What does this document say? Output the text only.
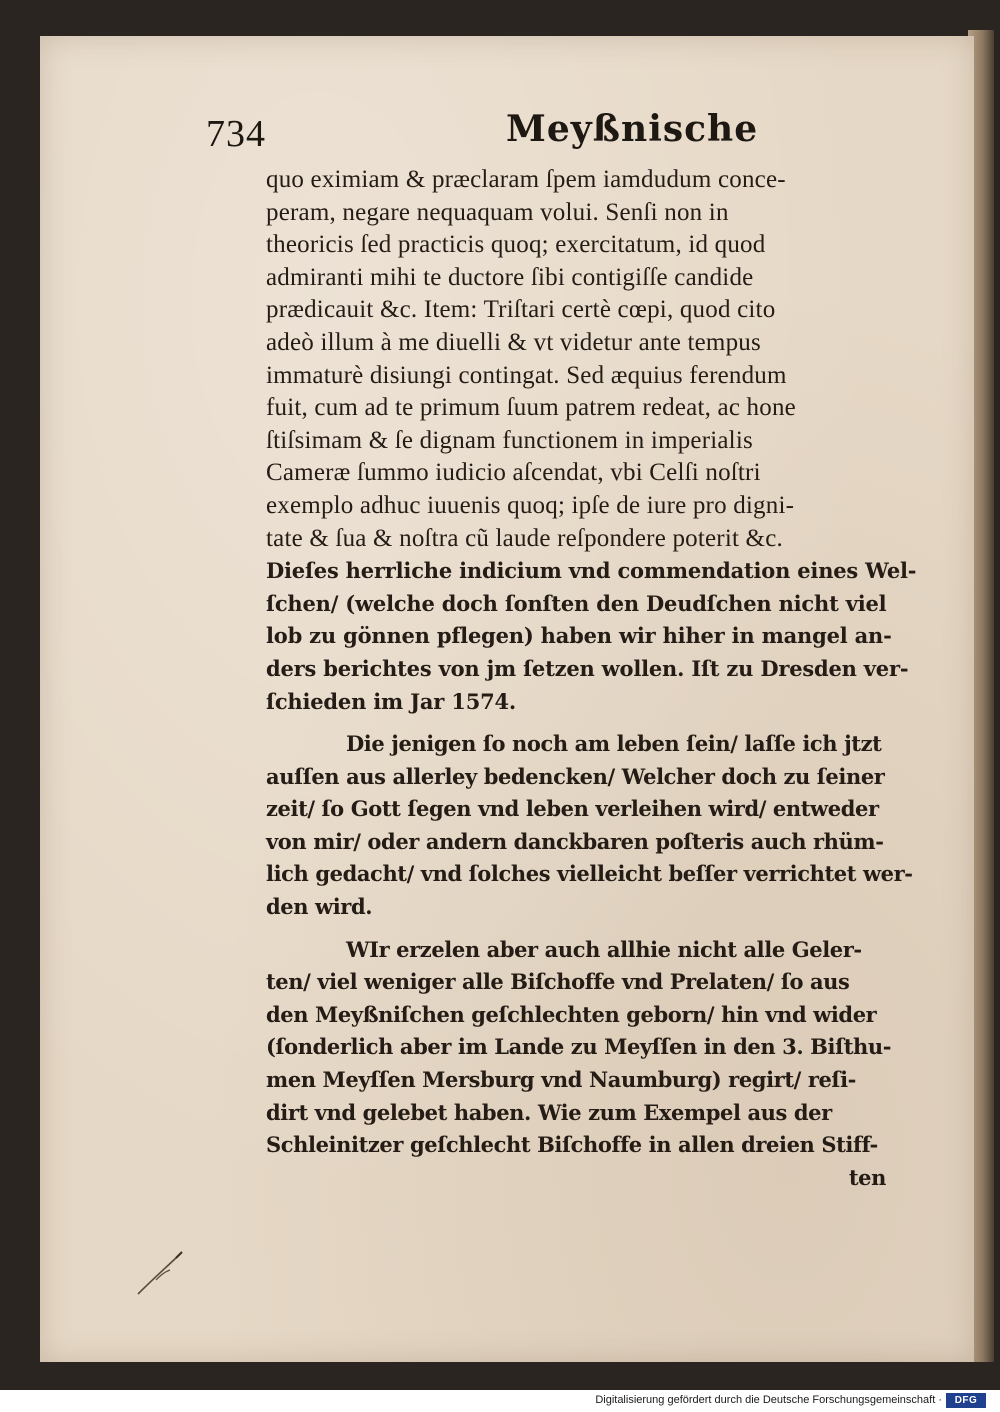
734	Meyßnische
quo eximiam & præclaram ſpem iamdudum conce-
peram, negare nequaquam volui. Senſi non in
theoricis ſed practicis quoq; exercitatum, id quod
admiranti mihi te ductore ſibi contigiſſe candide
prædicauit &c. Item: Triſtari certè cœpi, quod cito
adeò illum à me diuelli & vt videtur ante tempus
immaturè disiungi contingat. Sed æquius ferendum
fuit, cum ad te primum ſuum patrem redeat, ac hone
ſtiſsimam & ſe dignam functionem in imperialis
Cameræ ſummo iudicio aſcendat, vbi Celſi noſtri
exemplo adhuc iuuenis quoq; ipſe de iure pro digni-
tate & ſua & noſtra cũ laude reſpondere poterit &c.
Dieſes herrliche indicium vnd commendation eines Wel-
ſchen/ (welche doch ſonſten den Deudſchen nicht viel
lob zu gönnen pflegen) haben wir hiher in mangel an-
ders berichtes von jm ſetzen wollen. Iſt zu Dresden ver-
ſchieden im Jar 1574.
Die jenigen ſo noch am leben ſein/ laſſe ich jtzt
auſſen aus allerley bedencken/ Welcher doch zu ſeiner
zeit/ ſo Gott ſegen vnd leben verleihen wird/ entweder
von mir/ oder andern danckbaren poſteris auch rhüm-
lich gedacht/ vnd ſolches vielleicht beſſer verrichtet wer-
den wird.
WIr erzelen aber auch allhie nicht alle Geler-
ten/ viel weniger alle Biſchoffe vnd Prelaten/ ſo aus
den Meyßniſchen geſchlechten geborn/ hin vnd wider
(ſonderlich aber im Lande zu Meyſſen in den 3. Biſthu-
men Meyſſen Mersburg vnd Naumburg) regirt/ reſi-
dirt vnd gelebet haben. Wie zum Exempel aus der
Schleinitzer geſchlecht Biſchoffe in allen dreien Stiff-
ten
Digitalisierung gefördert durch die Deutsche Forschungsgemeinschaft ·	DFG
